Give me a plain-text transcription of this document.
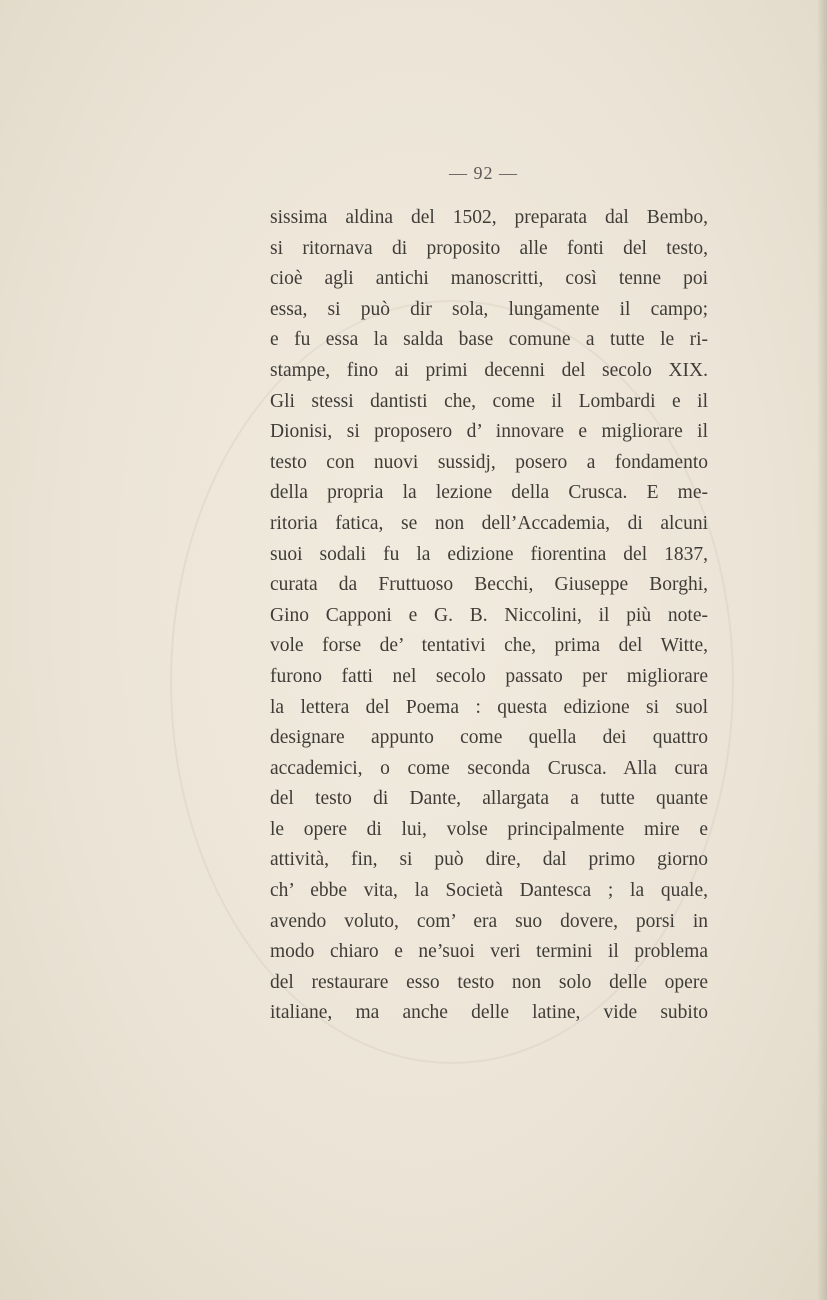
— 92 —
sissima aldina del 1502, preparata dal Bembo,
si ritornava di proposito alle fonti del testo,
cioè agli antichi manoscritti, così tenne poi
essa, si può dir sola, lungamente il campo;
e fu essa la salda base comune a tutte le ri-
stampe, fino ai primi decenni del secolo XIX.
Gli stessi dantisti che, come il Lombardi e il
Dionisi, si proposero d’ innovare e migliorare il
testo con nuovi sussidj, posero a fondamento
della propria la lezione della Crusca. E me-
ritoria fatica, se non dell’Accademia, di alcuni
suoi sodali fu la edizione fiorentina del 1837,
curata da Fruttuoso Becchi, Giuseppe Borghi,
Gino Capponi e G. B. Niccolini, il più note-
vole forse de’ tentativi che, prima del Witte,
furono fatti nel secolo passato per migliorare
la lettera del Poema : questa edizione si suol
designare appunto come quella dei quattro
accademici, o come seconda Crusca. Alla cura
del testo di Dante, allargata a tutte quante
le opere di lui, volse principalmente mire e
attività, fin, si può dire, dal primo giorno
ch’ ebbe vita, la Società Dantesca ; la quale,
avendo voluto, com’ era suo dovere, porsi in
modo chiaro e ne’suoi veri termini il problema
del restaurare esso testo non solo delle opere
italiane, ma anche delle latine, vide subito
